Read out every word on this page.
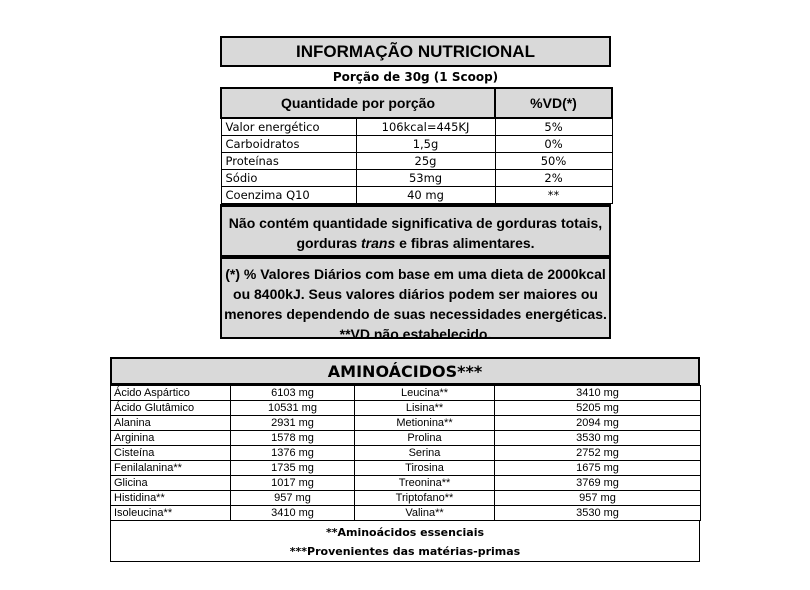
INFORMAÇÃO NUTRICIONAL
Porção de 30g (1 Scoop)
Quantidade por porção		%VD(*)
Valor energético	106kcal=445KJ	5%
Carboidratos	1,5g	0%
Proteínas	25g	50%
Sódio	53mg	2%
Coenzima Q10	40 mg	**
Não contém quantidade significativa de gorduras totais,
gorduras trans e fibras alimentares.
(*) % Valores Diários com base em uma dieta de 2000kcal
ou 8400kJ. Seus valores diários podem ser maiores ou
menores dependendo de suas necessidades energéticas.
**VD não estabelecido.
AMINOÁCIDOS***
Ácido Aspártico	6103 mg	Leucina**	3410 mg
Ácido Glutâmico	10531 mg	Lisina**	5205 mg
Alanina	2931 mg	Metionina**	2094 mg
Arginina	1578 mg	Prolina	3530 mg
Cisteína	1376 mg	Serina	2752 mg
Fenilalanina**	1735 mg	Tirosina	1675 mg
Glicina	1017 mg	Treonina**	3769 mg
Histidina**	957 mg	Triptofano**	957 mg
Isoleucina**	3410 mg	Valina**	3530 mg
**Aminoácidos essenciais
***Provenientes das matérias-primas
